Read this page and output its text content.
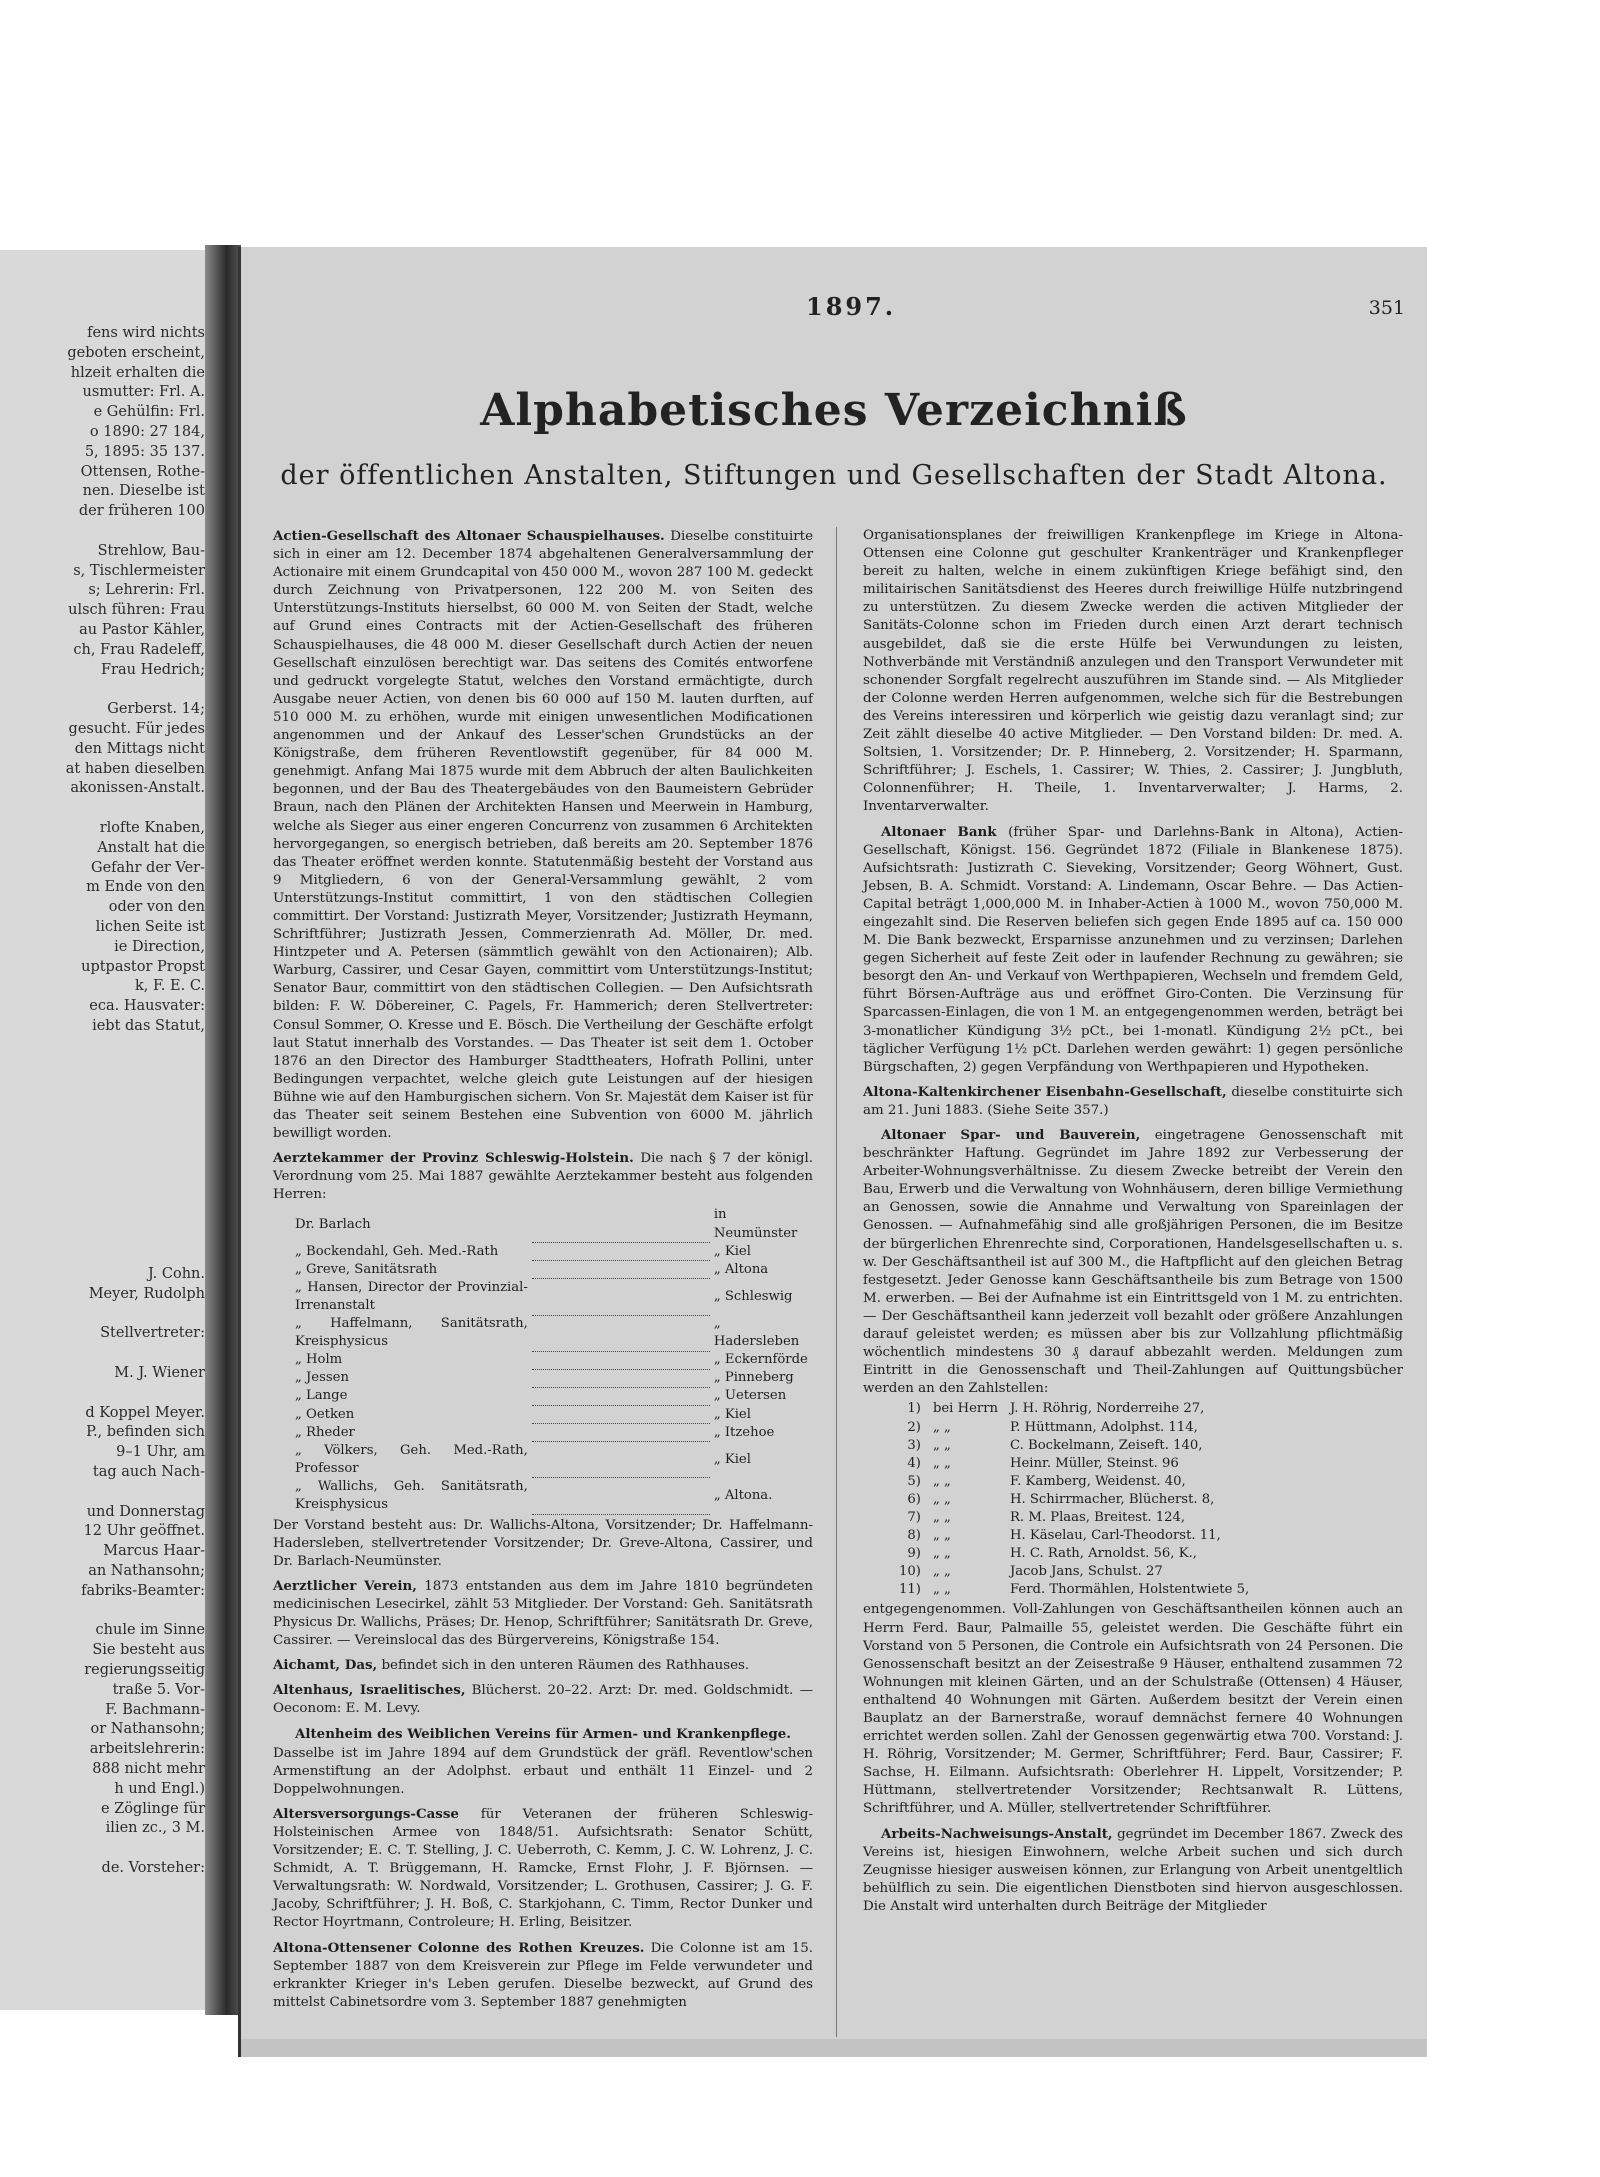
fens wird nichts
geboten erscheint,
hlzeit erhalten die
usmutter: Frl. A.
e Gehülfin: Frl.
o 1890: 27 184,
5, 1895: 35 137.
Ottensen, Rothe-
nen. Dieselbe ist
der früheren 100
Strehlow, Bau-
s, Tischlermeister
s; Lehrerin: Frl.
ulsch führen: Frau
au Pastor Kähler,
ch, Frau Radeleff,
Frau Hedrich;
Gerberst. 14;
gesucht. Für jedes
den Mittags nicht
at haben dieselben
akonissen-Anstalt.
rlofte Knaben,
Anstalt hat die
Gefahr der Ver-
m Ende von den
oder von den
lichen Seite ist
ie Direction,
uptpastor Propst
k, F. E. C.
eca. Hausvater:
iebt das Statut,
J. Cohn.
Meyer, Rudolph
Stellvertreter:
M. J. Wiener
d Koppel Meyer.
P., befinden sich
9–1 Uhr, am
tag auch Nach-
und Donnerstag
12 Uhr geöffnet.
Marcus Haar-
an Nathansohn;
fabriks-Beamter:
chule im Sinne
Sie besteht aus
regierungsseitig
traße 5. Vor-
F. Bachmann-
or Nathansohn;
arbeitslehrerin:
888 nicht mehr
h und Engl.)
e Zöglinge für
ilien zc., 3 M.
de. Vorsteher:
1897.	351
Alphabetisches Verzeichniß
der öffentlichen Anstalten, Stiftungen und Gesellschaften der Stadt Altona.

Actien-Gesellschaft des Altonaer Schauspielhauses. Dieselbe constituirte sich in einer am 12. December 1874 abgehaltenen Generalversammlung der Actionaire mit einem Grundcapital von 450 000 M., wovon 287 100 M. gedeckt durch Zeichnung von Privatpersonen, 122 200 M. von Seiten des Unterstützungs-Instituts hierselbst, 60 000 M. von Seiten der Stadt, welche auf Grund eines Contracts mit der Actien-Gesellschaft des früheren Schauspielhauses, die 48 000 M. dieser Gesellschaft durch Actien der neuen Gesellschaft einzulösen berechtigt war. Das seitens des Comités entworfene und gedruckt vorgelegte Statut, welches den Vorstand ermächtigte, durch Ausgabe neuer Actien, von denen bis 60 000 auf 150 M. lauten durften, auf 510 000 M. zu erhöhen, wurde mit einigen unwesentlichen Modificationen angenommen und der Ankauf des Lesser'schen Grundstücks an der Königstraße, dem früheren Reventlowstift gegenüber, für 84 000 M. genehmigt. Anfang Mai 1875 wurde mit dem Abbruch der alten Baulichkeiten begonnen, und der Bau des Theatergebäudes von den Baumeistern Gebrüder Braun, nach den Plänen der Architekten Hansen und Meerwein in Hamburg, welche als Sieger aus einer engeren Concurrenz von zusammen 6 Architekten hervorgegangen, so energisch betrieben, daß bereits am 20. September 1876 das Theater eröffnet werden konnte. Statutenmäßig besteht der Vorstand aus 9 Mitgliedern, 6 von der General-Versammlung gewählt, 2 vom Unterstützungs-Institut committirt, 1 von den städtischen Collegien committirt. Der Vorstand: Justizrath Meyer, Vorsitzender; Justizrath Heymann, Schriftführer; Justizrath Jessen, Commerzienrath Ad. Möller, Dr. med. Hintzpeter und A. Petersen (sämmtlich gewählt von den Actionairen); Alb. Warburg, Cassirer, und Cesar Gayen, committirt vom Unterstützungs-Institut; Senator Baur, committirt von den städtischen Collegien. — Den Aufsichtsrath bilden: F. W. Döbereiner, C. Pagels, Fr. Hammerich; deren Stellvertreter: Consul Sommer, O. Kresse und E. Bösch. Die Vertheilung der Geschäfte erfolgt laut Statut innerhalb des Vorstandes. — Das Theater ist seit dem 1. October 1876 an den Director des Hamburger Stadttheaters, Hofrath Pollini, unter Bedingungen verpachtet, welche gleich gute Leistungen auf der hiesigen Bühne wie auf den Hamburgischen sichern. Von Sr. Majestät dem Kaiser ist für das Theater seit seinem Bestehen eine Subvention von 6000 M. jährlich bewilligt worden.

Aerztekammer der Provinz Schleswig-Holstein. Die nach § 7 der königl. Verordnung vom 25. Mai 1887 gewählte Aerztekammer besteht aus folgenden Herren:

Dr. Barlach		in Neumünster
„ Bockendahl, Geh. Med.-Rath		„ Kiel
„ Greve, Sanitätsrath		„ Altona
„ Hansen, Director der Provinzial-Irrenanstalt		„ Schleswig
„ Haffelmann, Sanitätsrath, Kreisphysicus		„ Hadersleben
„ Holm		„ Eckernförde
„ Jessen		„ Pinneberg
„ Lange		„ Uetersen
„ Oetken		„ Kiel
„ Rheder		„ Itzehoe
„ Völkers, Geh. Med.-Rath, Professor		„ Kiel
„ Wallichs, Geh. Sanitätsrath, Kreisphysicus		„ Altona.

Der Vorstand besteht aus: Dr. Wallichs-Altona, Vorsitzender; Dr. Haffelmann-Hadersleben, stellvertretender Vorsitzender; Dr. Greve-Altona, Cassirer, und Dr. Barlach-Neumünster.

Aerztlicher Verein, 1873 entstanden aus dem im Jahre 1810 begründeten medicinischen Lesecirkel, zählt 53 Mitglieder. Der Vorstand: Geh. Sanitätsrath Physicus Dr. Wallichs, Präses; Dr. Henop, Schriftführer; Sanitätsrath Dr. Greve, Cassirer. — Vereinslocal das des Bürgervereins, Königstraße 154.

Aichamt, Das, befindet sich in den unteren Räumen des Rathhauses.

Altenhaus, Israelitisches, Blücherst. 20–22. Arzt: Dr. med. Goldschmidt. — Oeconom: E. M. Levy.

Altenheim des Weiblichen Vereins für Armen- und Krankenpflege.
Dasselbe ist im Jahre 1894 auf dem Grundstück der gräfl. Reventlow'schen Armenstiftung an der Adolphst. erbaut und enthält 11 Einzel- und 2 Doppelwohnungen.

Altersversorgungs-Casse für Veteranen der früheren Schleswig-Holsteinischen Armee von 1848/51. Aufsichtsrath: Senator Schütt, Vorsitzender; E. C. T. Stelling, J. C. Ueberroth, C. Kemm, J. C. W. Lohrenz, J. C. Schmidt, A. T. Brüggemann, H. Ramcke, Ernst Flohr, J. F. Björnsen. — Verwaltungsrath: W. Nordwald, Vorsitzender; L. Grothusen, Cassirer; J. G. F. Jacoby, Schriftführer; J. H. Boß, C. Starkjohann, C. Timm, Rector Dunker und Rector Hoyrtmann, Controleure; H. Erling, Beisitzer.

Altona-Ottensener Colonne des Rothen Kreuzes. Die Colonne ist am 15. September 1887 von dem Kreisverein zur Pflege im Felde verwundeter und erkrankter Krieger in's Leben gerufen. Dieselbe bezweckt, auf Grund des mittelst Cabinetsordre vom 3. September 1887 genehmigten

Organisationsplanes der freiwilligen Krankenpflege im Kriege in Altona-Ottensen eine Colonne gut geschulter Krankenträger und Krankenpfleger bereit zu halten, welche in einem zukünftigen Kriege befähigt sind, den militairischen Sanitätsdienst des Heeres durch freiwillige Hülfe nutzbringend zu unterstützen. Zu diesem Zwecke werden die activen Mitglieder der Sanitäts-Colonne schon im Frieden durch einen Arzt derart technisch ausgebildet, daß sie die erste Hülfe bei Verwundungen zu leisten, Nothverbände mit Verständniß anzulegen und den Transport Verwundeter mit schonender Sorgfalt regelrecht auszuführen im Stande sind. — Als Mitglieder der Colonne werden Herren aufgenommen, welche sich für die Bestrebungen des Vereins interessiren und körperlich wie geistig dazu veranlagt sind; zur Zeit zählt dieselbe 40 active Mitglieder. — Den Vorstand bilden: Dr. med. A. Soltsien, 1. Vorsitzender; Dr. P. Hinneberg, 2. Vorsitzender; H. Sparmann, Schriftführer; J. Eschels, 1. Cassirer; W. Thies, 2. Cassirer; J. Jungbluth, Colonnenführer; H. Theile, 1. Inventarverwalter; J. Harms, 2. Inventarverwalter.

Altonaer Bank (früher Spar- und Darlehns-Bank in Altona), Actien-Gesellschaft, Königst. 156. Gegründet 1872 (Filiale in Blankenese 1875). Aufsichtsrath: Justizrath C. Sieveking, Vorsitzender; Georg Wöhnert, Gust. Jebsen, B. A. Schmidt. Vorstand: A. Lindemann, Oscar Behre. — Das Actien-Capital beträgt 1,000,000 M. in Inhaber-Actien à 1000 M., wovon 750,000 M. eingezahlt sind. Die Reserven beliefen sich gegen Ende 1895 auf ca. 150 000 M. Die Bank bezweckt, Ersparnisse anzunehmen und zu verzinsen; Darlehen gegen Sicherheit auf feste Zeit oder in laufender Rechnung zu gewähren; sie besorgt den An- und Verkauf von Werthpapieren, Wechseln und fremdem Geld, führt Börsen-Aufträge aus und eröffnet Giro-Conten. Die Verzinsung für Sparcassen-Einlagen, die von 1 M. an entgegengenommen werden, beträgt bei 3-monatlicher Kündigung 3½ pCt., bei 1-monatl. Kündigung 2½ pCt., bei täglicher Verfügung 1½ pCt. Darlehen werden gewährt: 1) gegen persönliche Bürgschaften, 2) gegen Verpfändung von Werthpapieren und Hypotheken.

Altona-Kaltenkirchener Eisenbahn-Gesellschaft, dieselbe constituirte sich am 21. Juni 1883. (Siehe Seite 357.)

Altonaer Spar- und Bauverein, eingetragene Genossenschaft mit beschränkter Haftung. Gegründet im Jahre 1892 zur Verbesserung der Arbeiter-Wohnungsverhältnisse. Zu diesem Zwecke betreibt der Verein den Bau, Erwerb und die Verwaltung von Wohnhäusern, deren billige Vermiethung an Genossen, sowie die Annahme und Verwaltung von Spareinlagen der Genossen. — Aufnahmefähig sind alle großjährigen Personen, die im Besitze der bürgerlichen Ehrenrechte sind, Corporationen, Handelsgesellschaften u. s. w. Der Geschäftsantheil ist auf 300 M., die Haftpflicht auf den gleichen Betrag festgesetzt. Jeder Genosse kann Geschäftsantheile bis zum Betrage von 1500 M. erwerben. — Bei der Aufnahme ist ein Eintrittsgeld von 1 M. zu entrichten. — Der Geschäftsantheil kann jederzeit voll bezahlt oder größere Anzahlungen darauf geleistet werden; es müssen aber bis zur Vollzahlung pflichtmäßig wöchentlich mindestens 30 ₰ darauf abbezahlt werden. Meldungen zum Eintritt in die Genossenschaft und Theil-Zahlungen auf Quittungsbücher werden an den Zahlstellen:

1)	bei Herrn	J. H. Röhrig, Norderreihe 27,
2)	„ „	P. Hüttmann, Adolphst. 114,
3)	„ „	C. Bockelmann, Zeiseft. 140,
4)	„ „	Heinr. Müller, Steinst. 96
5)	„ „	F. Kamberg, Weidenst. 40,
6)	„ „	H. Schirrmacher, Blücherst. 8,
7)	„ „	R. M. Plaas, Breitest. 124,
8)	„ „	H. Käselau, Carl-Theodorst. 11,
9)	„ „	H. C. Rath, Arnoldst. 56, K.,
10)	„ „	Jacob Jans, Schulst. 27
11)	„ „	Ferd. Thormählen, Holstentwiete 5,

entgegengenommen. Voll-Zahlungen von Geschäftsantheilen können auch an Herrn Ferd. Baur, Palmaille 55, geleistet werden. Die Geschäfte führt ein Vorstand von 5 Personen, die Controle ein Aufsichtsrath von 24 Personen. Die Genossenschaft besitzt an der Zeisestraße 9 Häuser, enthaltend zusammen 72 Wohnungen mit kleinen Gärten, und an der Schulstraße (Ottensen) 4 Häuser, enthaltend 40 Wohnungen mit Gärten. Außerdem besitzt der Verein einen Bauplatz an der Barnerstraße, worauf demnächst fernere 40 Wohnungen errichtet werden sollen. Zahl der Genossen gegenwärtig etwa 700. Vorstand: J. H. Röhrig, Vorsitzender; M. Germer, Schriftführer; Ferd. Baur, Cassirer; F. Sachse, H. Eilmann. Aufsichtsrath: Oberlehrer H. Lippelt, Vorsitzender; P. Hüttmann, stellvertretender Vorsitzender; Rechtsanwalt R. Lüttens, Schriftführer, und A. Müller, stellvertretender Schriftführer.

Arbeits-Nachweisungs-Anstalt, gegründet im December 1867. Zweck des Vereins ist, hiesigen Einwohnern, welche Arbeit suchen und sich durch Zeugnisse hiesiger ausweisen können, zur Erlangung von Arbeit unentgeltlich behülflich zu sein. Die eigentlichen Dienstboten sind hiervon ausgeschlossen. Die Anstalt wird unterhalten durch Beiträge der Mitglieder
